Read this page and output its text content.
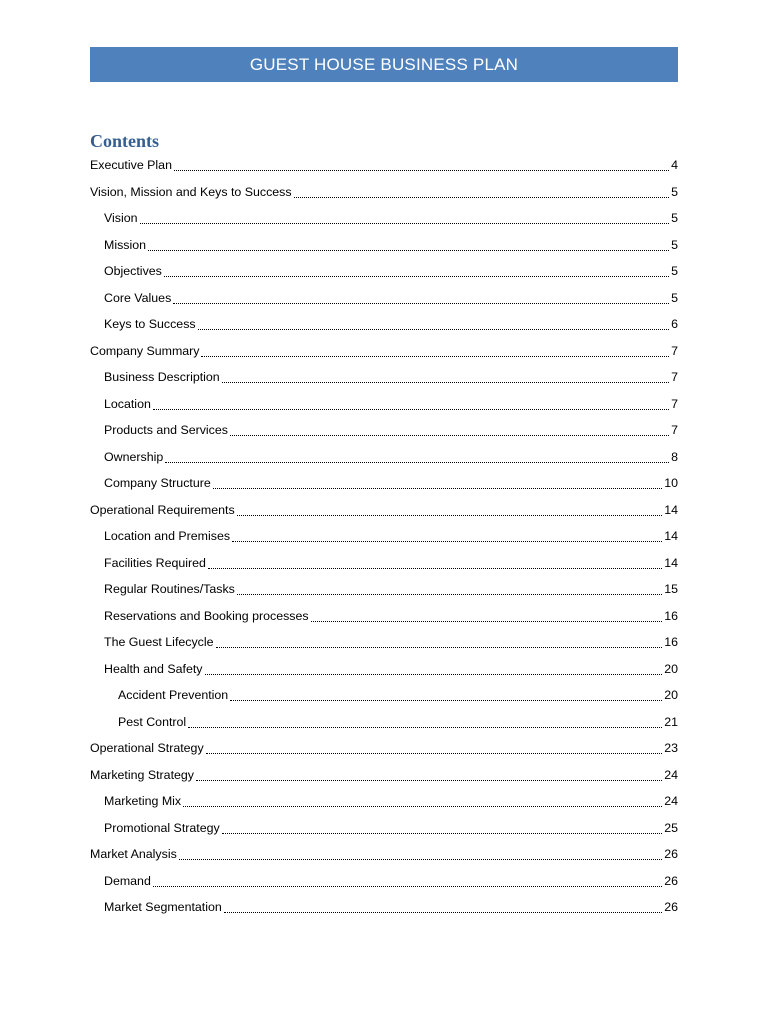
GUEST HOUSE BUSINESS PLAN
Contents
Executive Plan	4
Vision, Mission and Keys to Success	5
Vision	5
Mission	5
Objectives	5
Core Values	5
Keys to Success	6
Company Summary	7
Business Description	7
Location	7
Products and Services	7
Ownership	8
Company Structure	10
Operational Requirements	14
Location and Premises	14
Facilities Required	14
Regular Routines/Tasks	15
Reservations and Booking processes	16
The Guest Lifecycle	16
Health and Safety	20
Accident Prevention	20
Pest Control	21
Operational Strategy	23
Marketing Strategy	24
Marketing Mix	24
Promotional Strategy	25
Market Analysis	26
Demand	26
Market Segmentation	26
